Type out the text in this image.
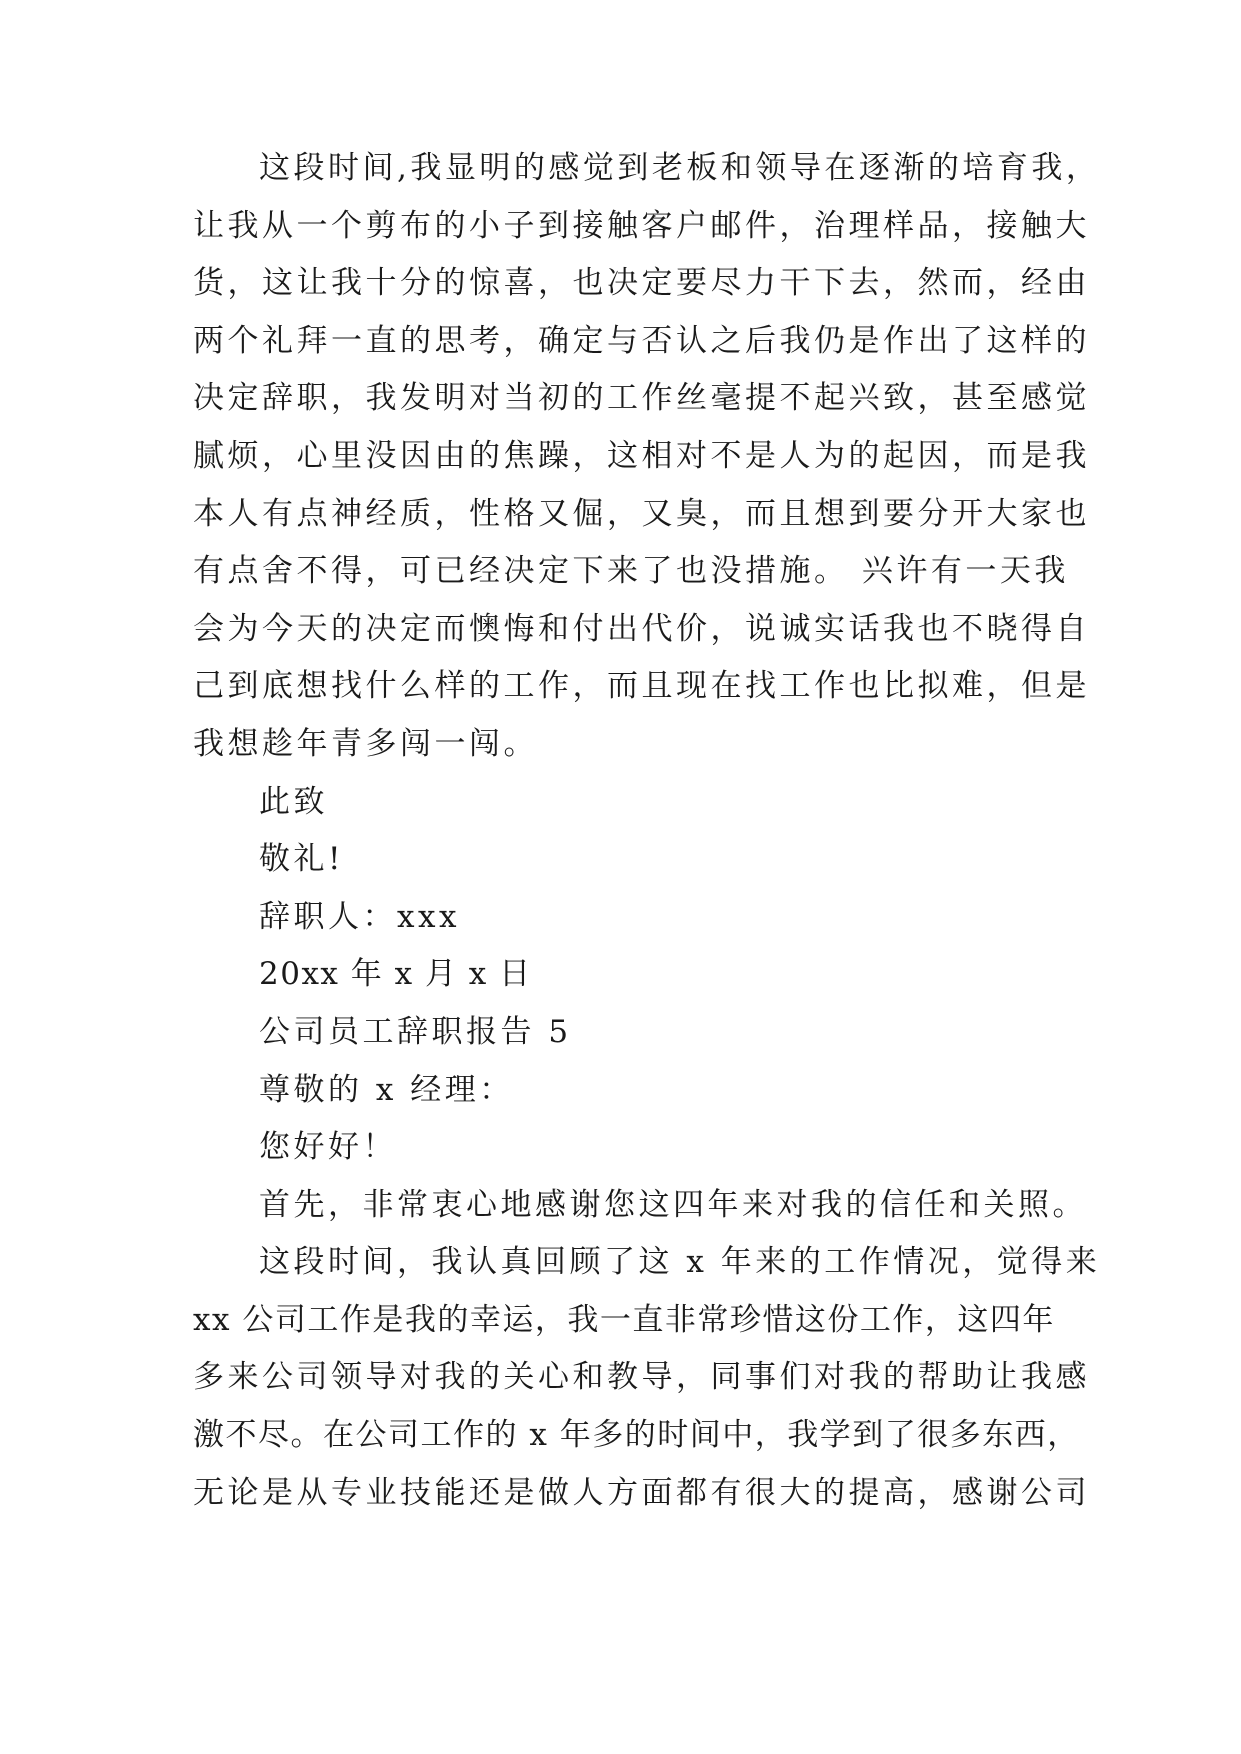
这段时间,我显明的感觉到老板和领导在逐渐的培育我，
让我从一个剪布的小子到接触客户邮件，治理样品，接触大
货，这让我十分的惊喜，也决定要尽力干下去，然而，经由
两个礼拜一直的思考，确定与否认之后我仍是作出了这样的
决定辞职，我发明对当初的工作丝毫提不起兴致，甚至感觉
腻烦，心里没因由的焦躁，这相对不是人为的起因，而是我
本人有点神经质，性格又倔，又臭，而且想到要分开大家也
有点舍不得，可已经决定下来了也没措施。 兴许有一天我
会为今天的决定而懊悔和付出代价，说诚实话我也不晓得自
己到底想找什么样的工作，而且现在找工作也比拟难，但是
我想趁年青多闯一闯。
此致
敬礼!
辞职人：xxx
20xx 年 x 月 x 日
公司员工辞职报告 5
尊敬的 x 经理：
您好好！
首先，非常衷心地感谢您这四年来对我的信任和关照。
这段时间，我认真回顾了这 x 年来的工作情况，觉得来
xx 公司工作是我的幸运，我一直非常珍惜这份工作，这四年
多来公司领导对我的关心和教导，同事们对我的帮助让我感
激不尽。在公司工作的 x 年多的时间中，我学到了很多东西，
无论是从专业技能还是做人方面都有很大的提高，感谢公司
